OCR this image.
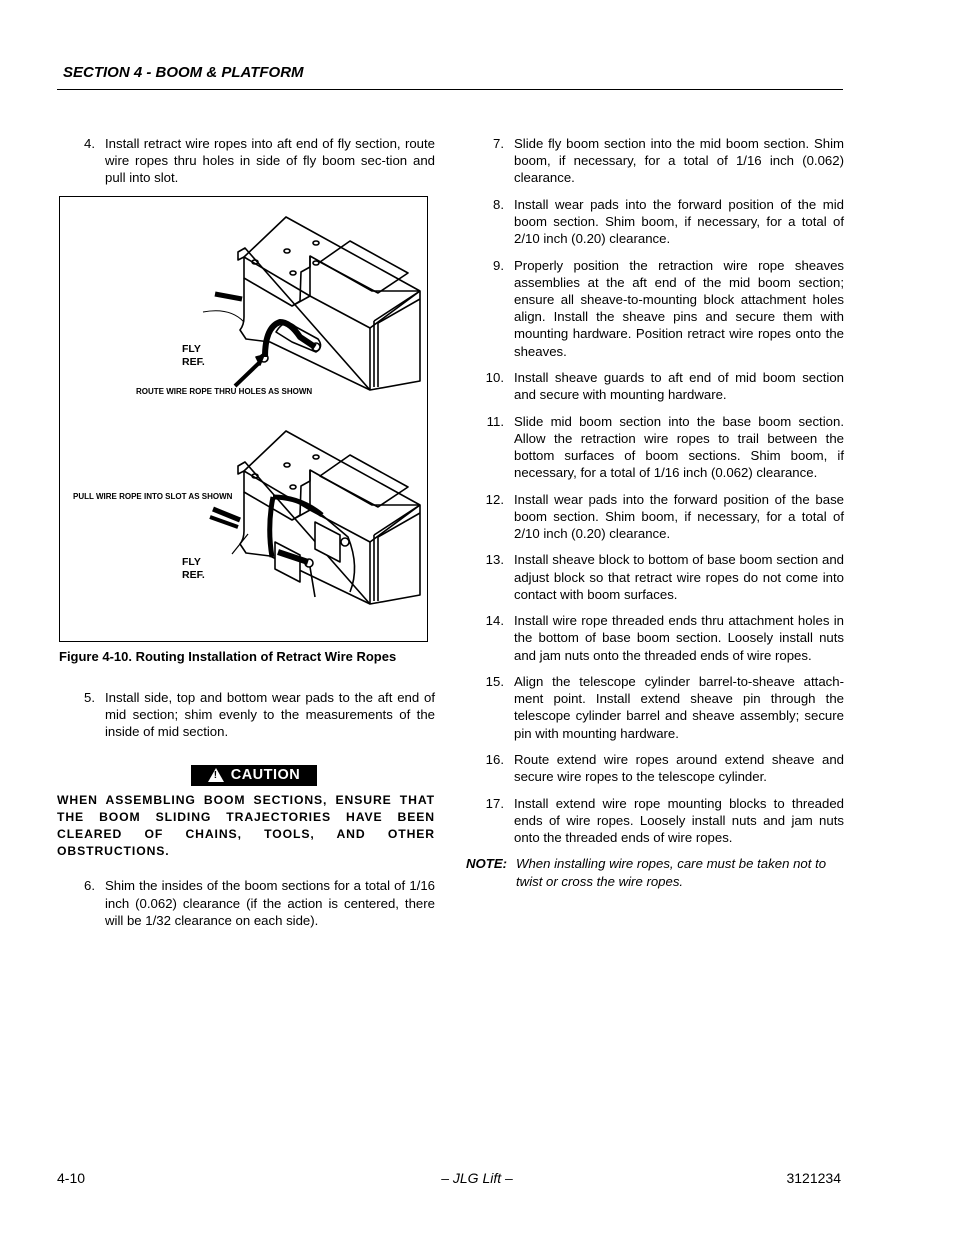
SECTION 4 - BOOM & PLATFORM
4. Install retract wire ropes into aft end of fly section, route wire ropes thru holes in side of fly boom sec-tion and pull into slot.
FLY
REF.
ROUTE WIRE ROPE THRU HOLES AS SHOWN
PULL WIRE ROPE INTO SLOT AS SHOWN
FLY
REF.
Figure 4-10. Routing Installation of Retract Wire Ropes
5. Install side, top and bottom wear pads to the aft end of mid section; shim evenly to the measurements of the inside of mid section.
! CAUTION
WHEN ASSEMBLING BOOM SECTIONS, ENSURE THAT THE BOOM SLIDING TRAJECTORIES HAVE BEEN CLEARED OF CHAINS, TOOLS, AND OTHER OBSTRUCTIONS.
6. Shim the insides of the boom sections for a total of 1/16 inch (0.062) clearance (if the action is centered, there will be 1/32 clearance on each side).
7. Slide fly boom section into the mid boom section. Shim boom, if necessary, for a total of 1/16 inch (0.062) clearance.
8. Install wear pads into the forward position of the mid boom section. Shim boom, if necessary, for a total of 2/10 inch (0.20) clearance.
9. Properly position the retraction wire rope sheaves assemblies at the aft end of the mid boom section; ensure all sheave-to-mounting block attachment holes align. Install the sheave pins and secure them with mounting hardware. Position retract wire ropes onto the sheaves.
10. Install sheave guards to aft end of mid boom section and secure with mounting hardware.
11. Slide mid boom section into the base boom section. Allow the retraction wire ropes to trail between the bottom surfaces of boom sections. Shim boom, if necessary, for a total of 1/16 inch (0.062) clearance.
12. Install wear pads into the forward position of the base boom section. Shim boom, if necessary, for a total of 2/10 inch (0.20) clearance.
13. Install sheave block to bottom of base boom section and adjust block so that retract wire ropes do not come into contact with boom surfaces.
14. Install wire rope threaded ends thru attachment holes in the bottom of base boom section. Loosely install nuts and jam nuts onto the threaded ends of wire ropes.
15. Align the telescope cylinder barrel-to-sheave attach-ment point. Install extend sheave pin through the telescope cylinder barrel and sheave assembly; secure pin with mounting hardware.
16. Route extend wire ropes around extend sheave and secure wire ropes to the telescope cylinder.
17. Install extend wire rope mounting blocks to threaded ends of wire ropes. Loosely install nuts and jam nuts onto the threaded ends of wire ropes.
NOTE: When installing wire ropes, care must be taken not to twist or cross the wire ropes.
4-10	– JLG Lift –	3121234
